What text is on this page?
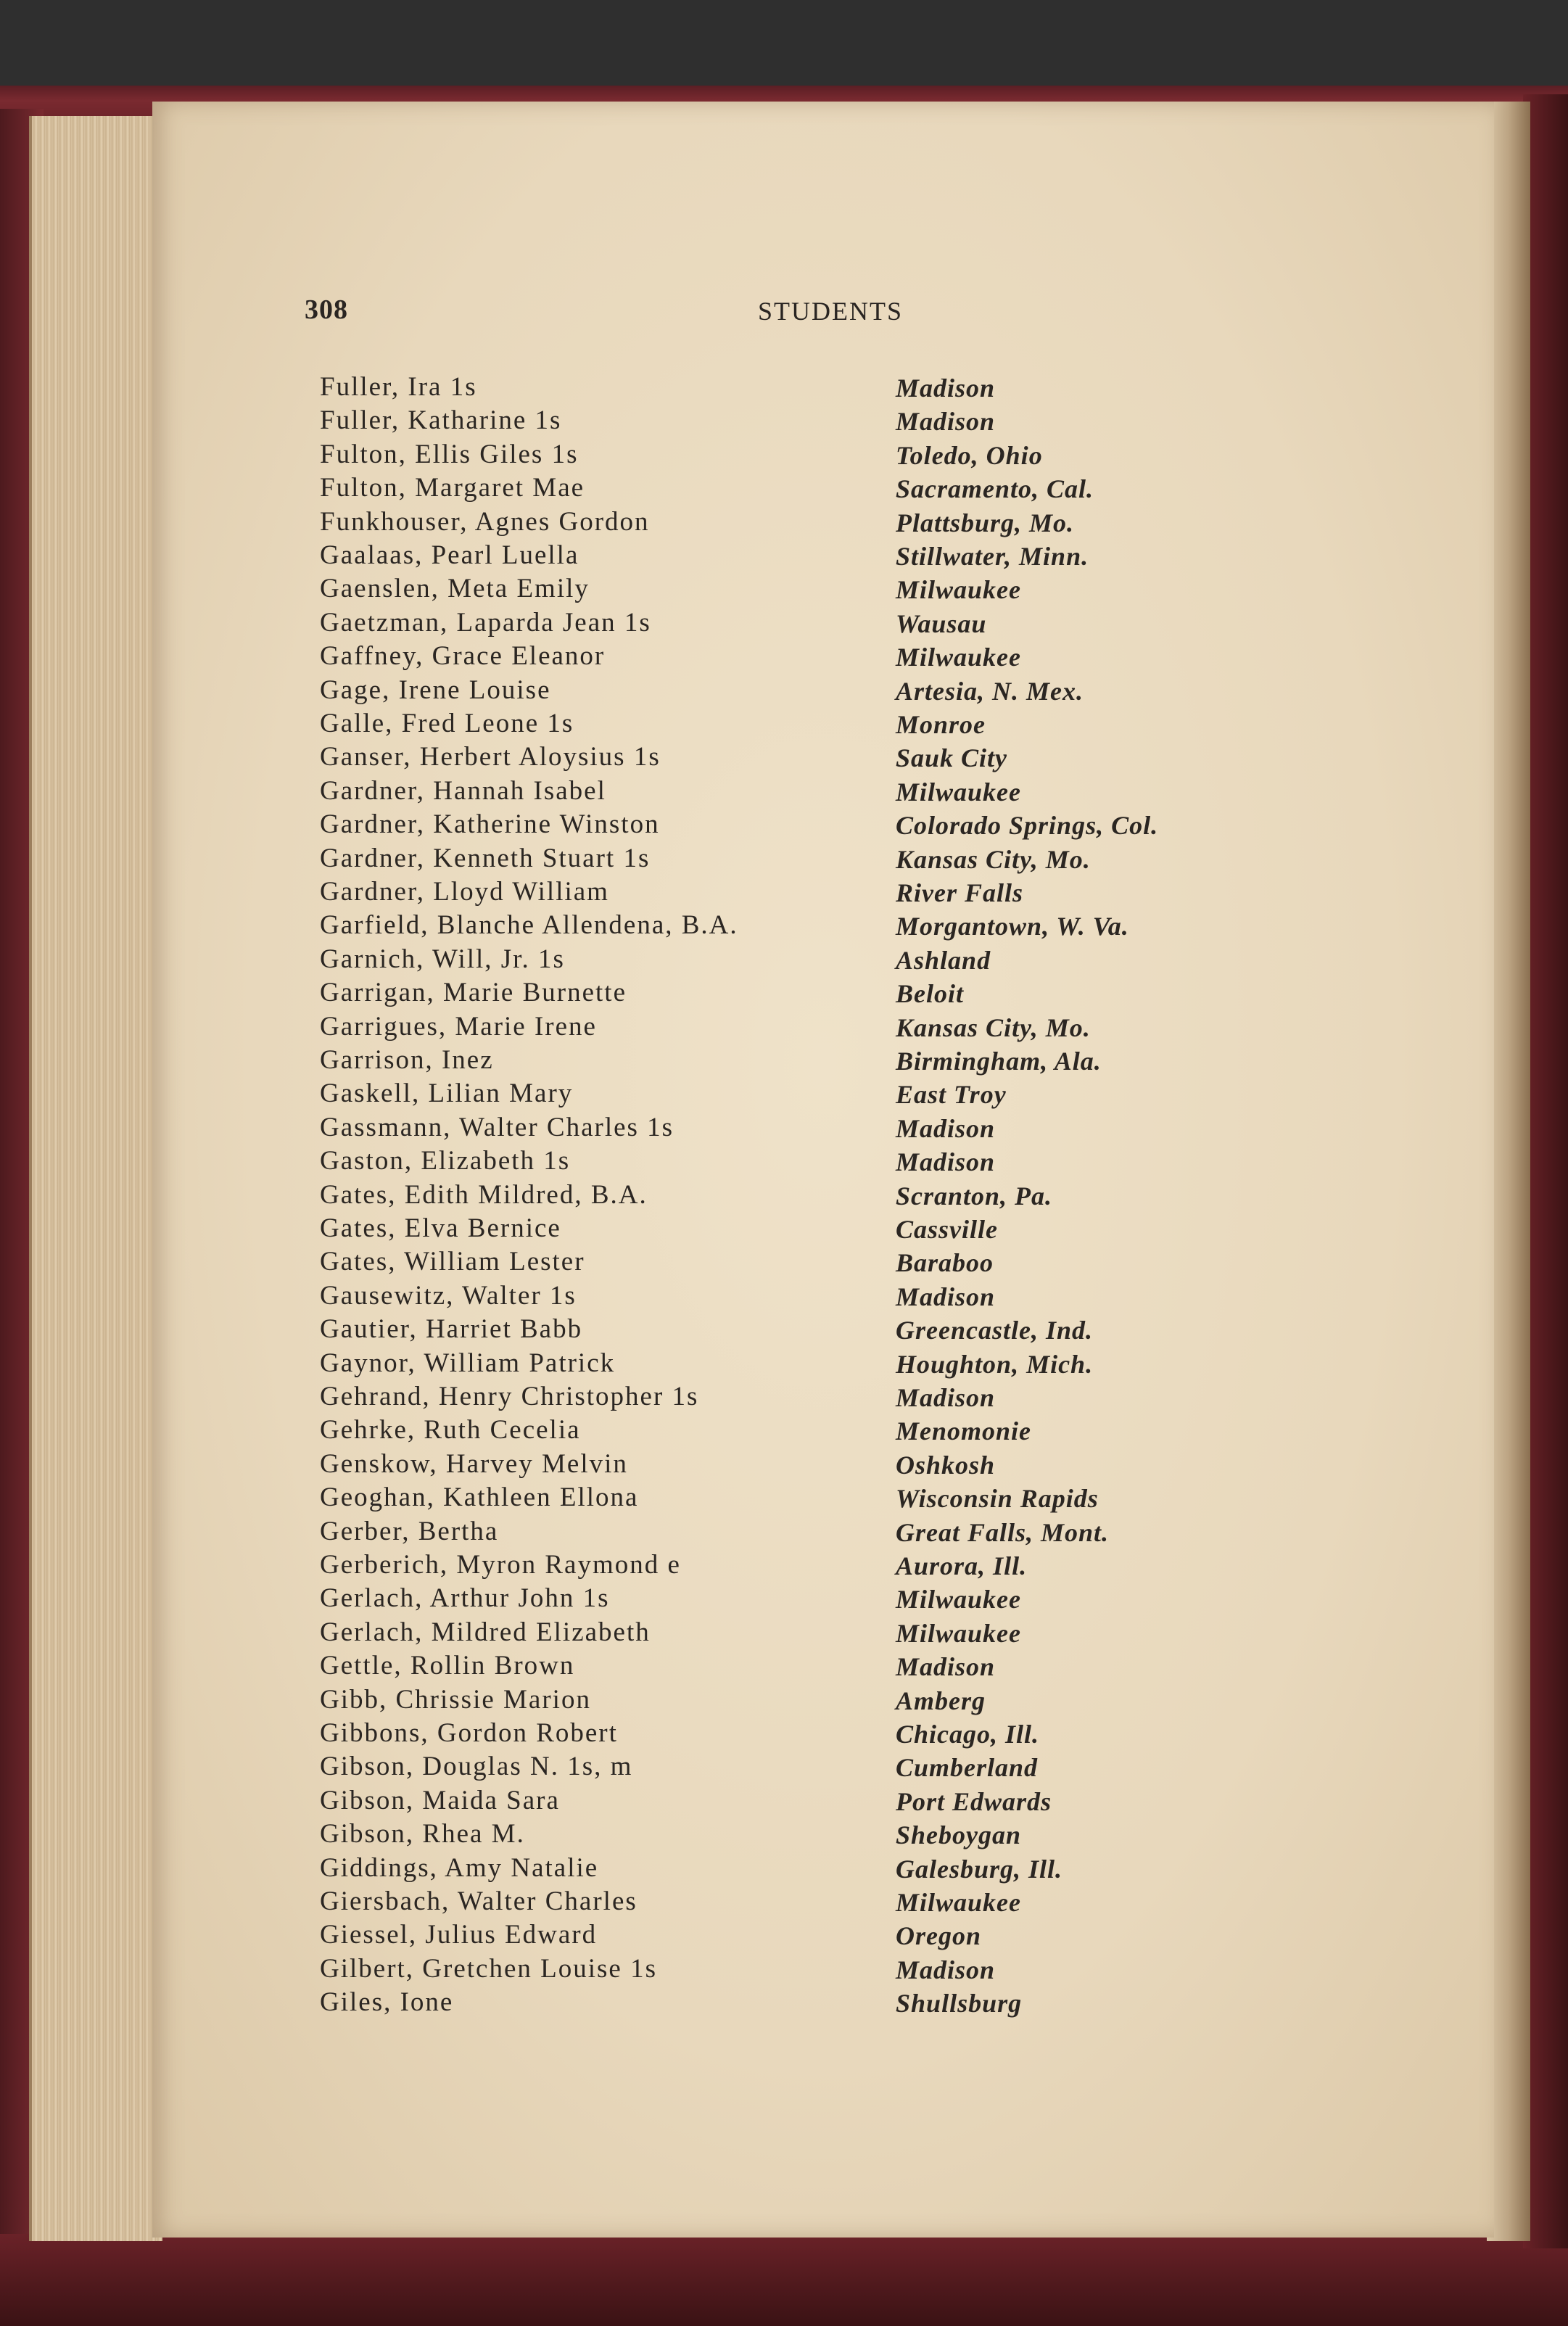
308	STUDENTS
Fuller, Ira 1s	Madison
Fuller, Katharine 1s	Madison
Fulton, Ellis Giles 1s	Toledo, Ohio
Fulton, Margaret Mae	Sacramento, Cal.
Funkhouser, Agnes Gordon	Plattsburg, Mo.
Gaalaas, Pearl Luella	Stillwater, Minn.
Gaenslen, Meta Emily	Milwaukee
Gaetzman, Laparda Jean 1s	Wausau
Gaffney, Grace Eleanor	Milwaukee
Gage, Irene Louise	Artesia, N. Mex.
Galle, Fred Leone 1s	Monroe
Ganser, Herbert Aloysius 1s	Sauk City
Gardner, Hannah Isabel	Milwaukee
Gardner, Katherine Winston	Colorado Springs, Col.
Gardner, Kenneth Stuart 1s	Kansas City, Mo.
Gardner, Lloyd William	River Falls
Garfield, Blanche Allendena, B.A.	Morgantown, W. Va.
Garnich, Will, Jr. 1s	Ashland
Garrigan, Marie Burnette	Beloit
Garrigues, Marie Irene	Kansas City, Mo.
Garrison, Inez	Birmingham, Ala.
Gaskell, Lilian Mary	East Troy
Gassmann, Walter Charles 1s	Madison
Gaston, Elizabeth 1s	Madison
Gates, Edith Mildred, B.A.	Scranton, Pa.
Gates, Elva Bernice	Cassville
Gates, William Lester	Baraboo
Gausewitz, Walter 1s	Madison
Gautier, Harriet Babb	Greencastle, Ind.
Gaynor, William Patrick	Houghton, Mich.
Gehrand, Henry Christopher 1s	Madison
Gehrke, Ruth Cecelia	Menomonie
Genskow, Harvey Melvin	Oshkosh
Geoghan, Kathleen Ellona	Wisconsin Rapids
Gerber, Bertha	Great Falls, Mont.
Gerberich, Myron Raymond e	Aurora, Ill.
Gerlach, Arthur John 1s	Milwaukee
Gerlach, Mildred Elizabeth	Milwaukee
Gettle, Rollin Brown	Madison
Gibb, Chrissie Marion	Amberg
Gibbons, Gordon Robert	Chicago, Ill.
Gibson, Douglas N. 1s, m	Cumberland
Gibson, Maida Sara	Port Edwards
Gibson, Rhea M.	Sheboygan
Giddings, Amy Natalie	Galesburg, Ill.
Giersbach, Walter Charles	Milwaukee
Giessel, Julius Edward	Oregon
Gilbert, Gretchen Louise 1s	Madison
Giles, Ione	Shullsburg
